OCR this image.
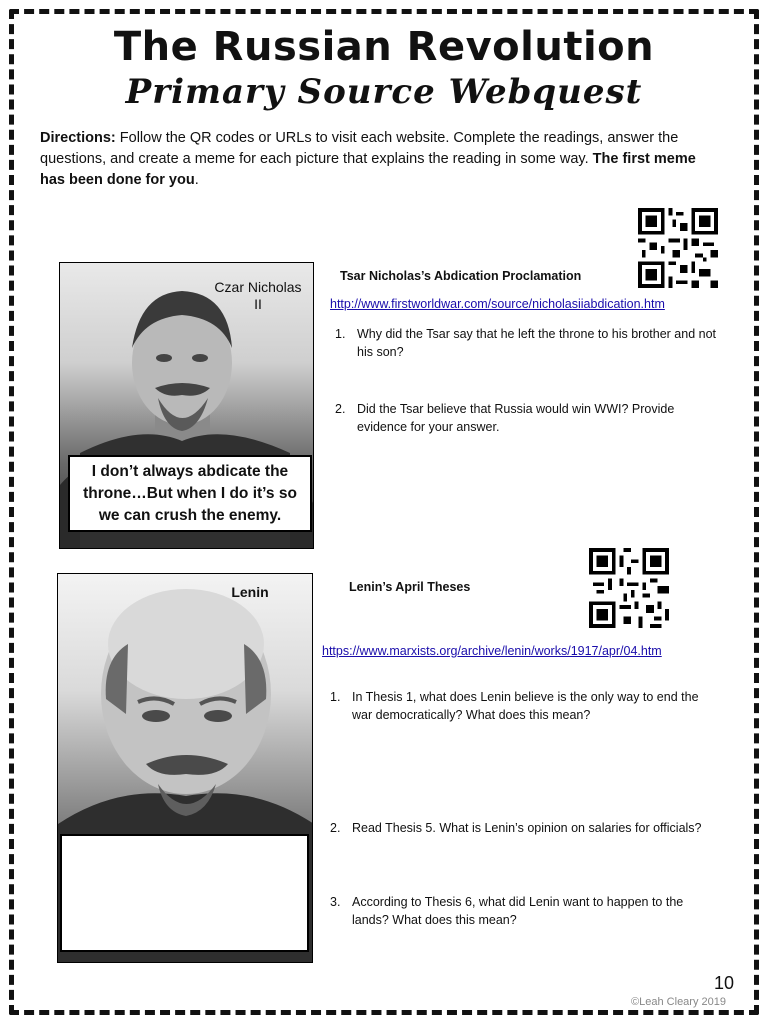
The Russian Revolution
Primary Source Webquest
Directions: Follow the QR codes or URLs to visit each website. Complete the readings, answer the questions, and create a meme for each picture that explains the reading in some way. The first meme has been done for you.
Czar Nicholas II
I don’t always abdicate the throne…But when I do it’s so we can crush the enemy.
Tsar Nicholas’s Abdication Proclamation
http://www.firstworldwar.com/source/nicholasiiabdication.htm
1. Why did the Tsar say that he left the throne to his brother and not his son?
2. Did the Tsar believe that Russia would win WWI? Provide evidence for your answer.
Lenin	Lenin’s April Theses
https://www.marxists.org/archive/lenin/works/1917/apr/04.htm
1. In Thesis 1, what does Lenin believe is the only way to end the war democratically? What does this mean?
2. Read Thesis 5. What is Lenin’s opinion on salaries for officials?
3. According to Thesis 6, what did Lenin want to happen to the lands? What does this mean?
10
©Leah Cleary 2019
